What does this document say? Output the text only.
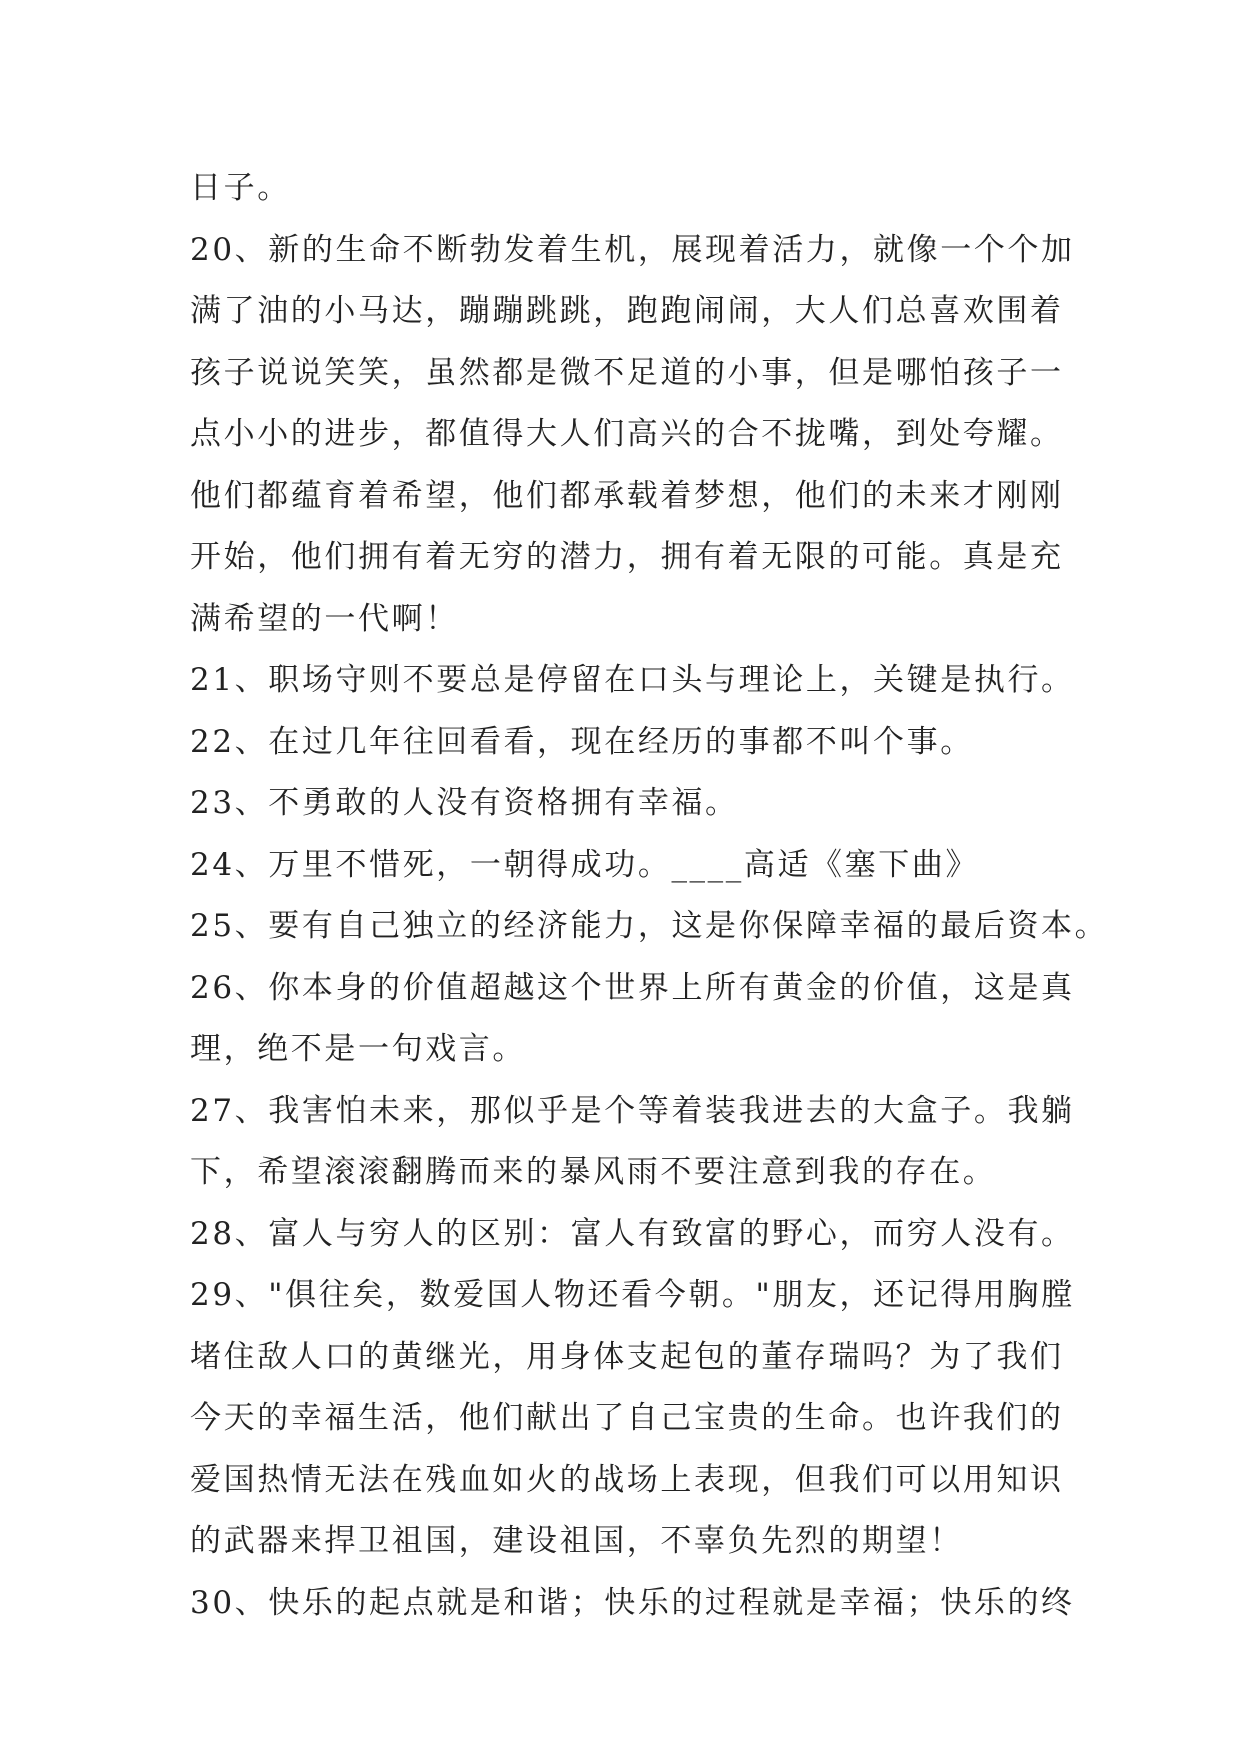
日子。
20、新的生命不断勃发着生机，展现着活力，就像一个个加
满了油的小马达，蹦蹦跳跳，跑跑闹闹，大人们总喜欢围着
孩子说说笑笑，虽然都是微不足道的小事，但是哪怕孩子一
点小小的进步，都值得大人们高兴的合不拢嘴，到处夸耀。
他们都蕴育着希望，他们都承载着梦想，他们的未来才刚刚
开始，他们拥有着无穷的潜力，拥有着无限的可能。真是充
满希望的一代啊！
21、职场守则不要总是停留在口头与理论上，关键是执行。
22、在过几年往回看看，现在经历的事都不叫个事。
23、不勇敢的人没有资格拥有幸福。
24、万里不惜死，一朝得成功。____高适《塞下曲》
25、要有自己独立的经济能力，这是你保障幸福的最后资本。
26、你本身的价值超越这个世界上所有黄金的价值，这是真
理，绝不是一句戏言。
27、我害怕未来，那似乎是个等着装我进去的大盒子。我躺
下，希望滚滚翻腾而来的暴风雨不要注意到我的存在。
28、富人与穷人的区别：富人有致富的野心，而穷人没有。
29、"俱往矣，数爱国人物还看今朝。"朋友，还记得用胸膛
堵住敌人口的黄继光，用身体支起包的董存瑞吗？为了我们
今天的幸福生活，他们献出了自己宝贵的生命。也许我们的
爱国热情无法在残血如火的战场上表现，但我们可以用知识
的武器来捍卫祖国，建设祖国，不辜负先烈的期望！
30、快乐的起点就是和谐；快乐的过程就是幸福；快乐的终
